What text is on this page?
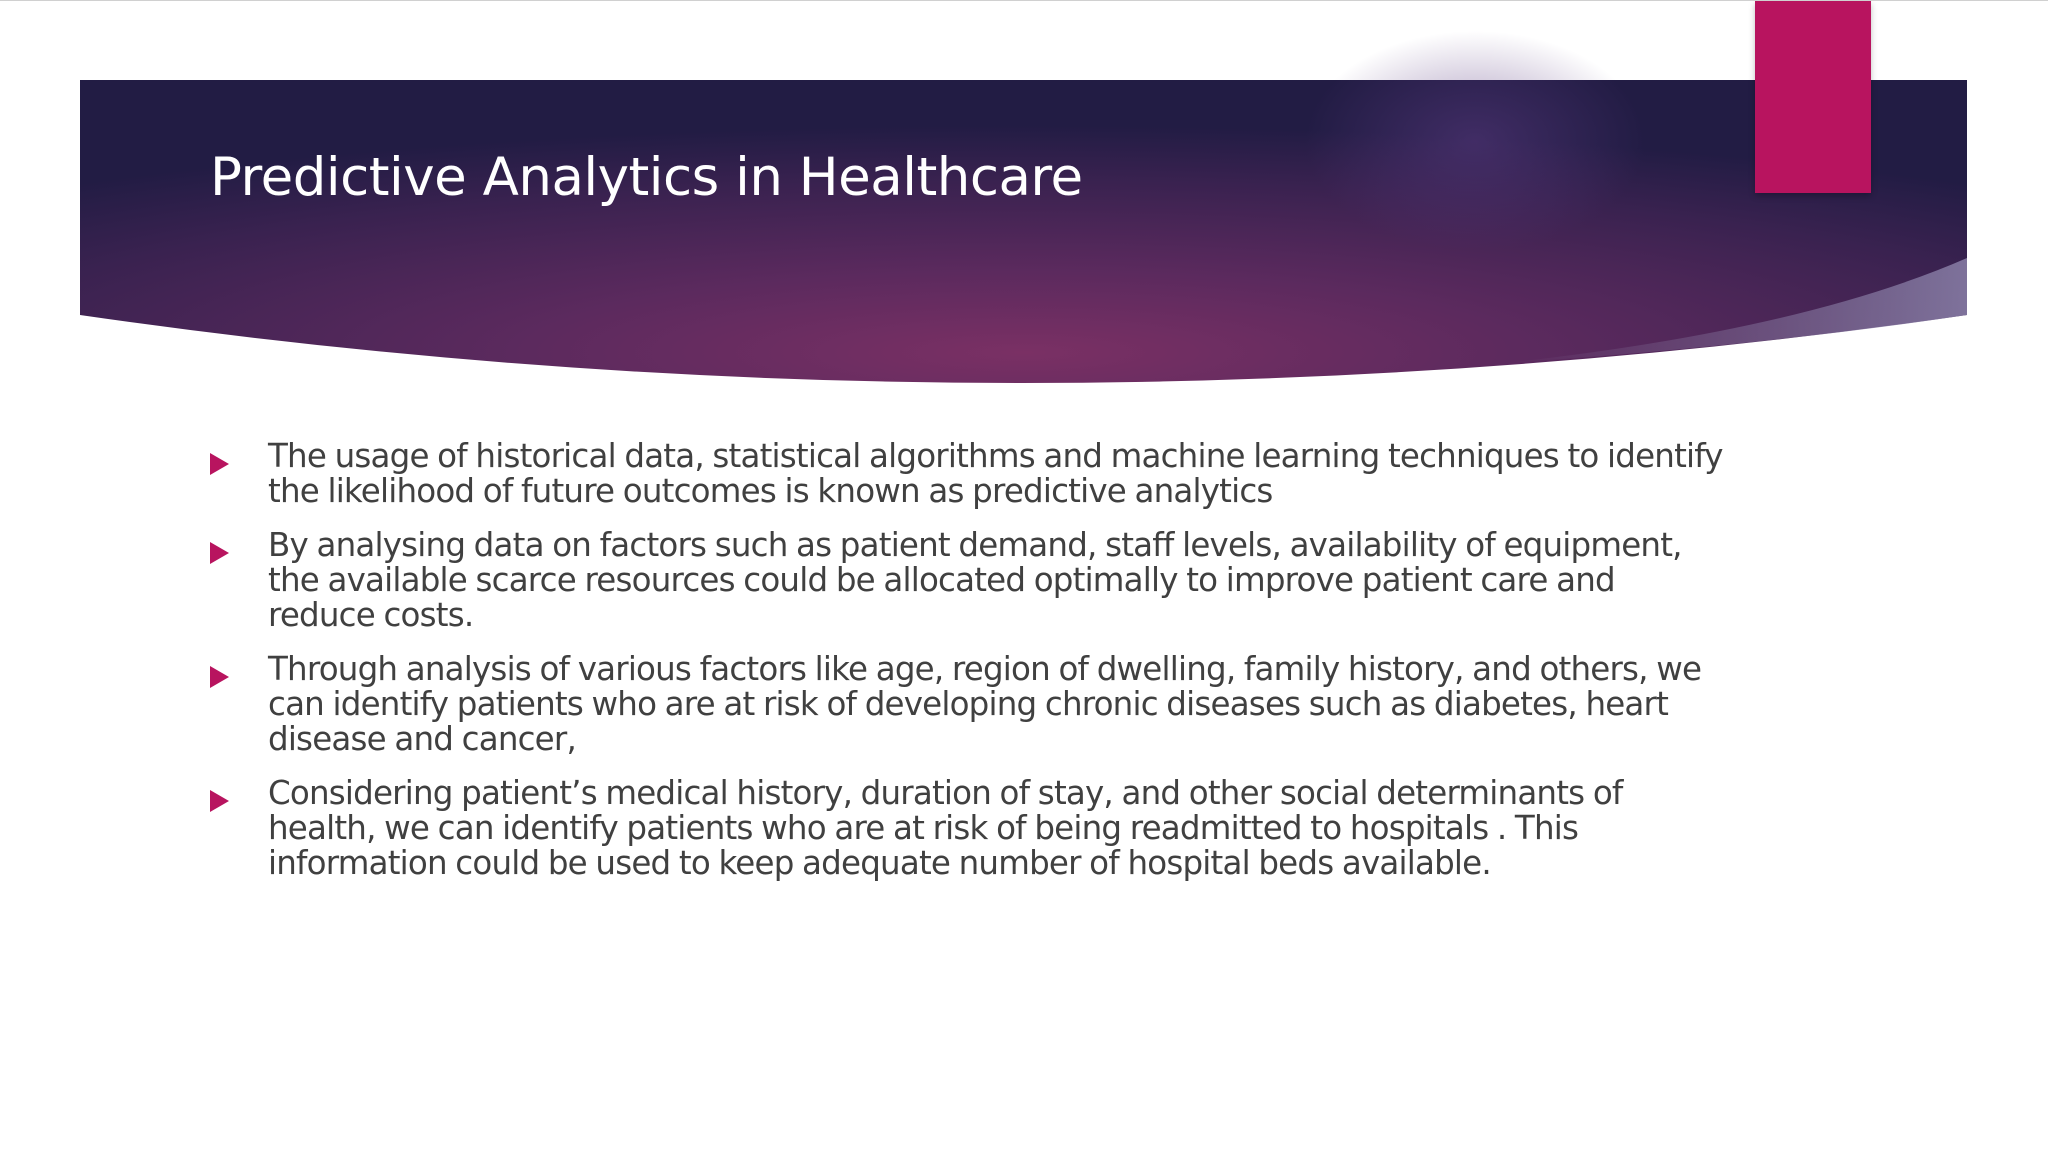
Predictive Analytics in Healthcare
The usage of historical data, statistical algorithms and machine learning techniques to identify the likelihood of future outcomes is known as predictive analytics
By analysing data on factors such as patient demand, staff levels, availability of equipment, the available scarce resources could be allocated optimally to improve patient care and reduce costs.
Through analysis of various factors like age, region of dwelling, family history, and others, we can identify patients who are at risk of developing chronic diseases such as diabetes, heart disease and cancer,
Considering patient’s medical history, duration of stay, and other social determinants of health, we can identify patients who are at risk of being readmitted to hospitals . This information could be used to keep adequate number of hospital beds available.
